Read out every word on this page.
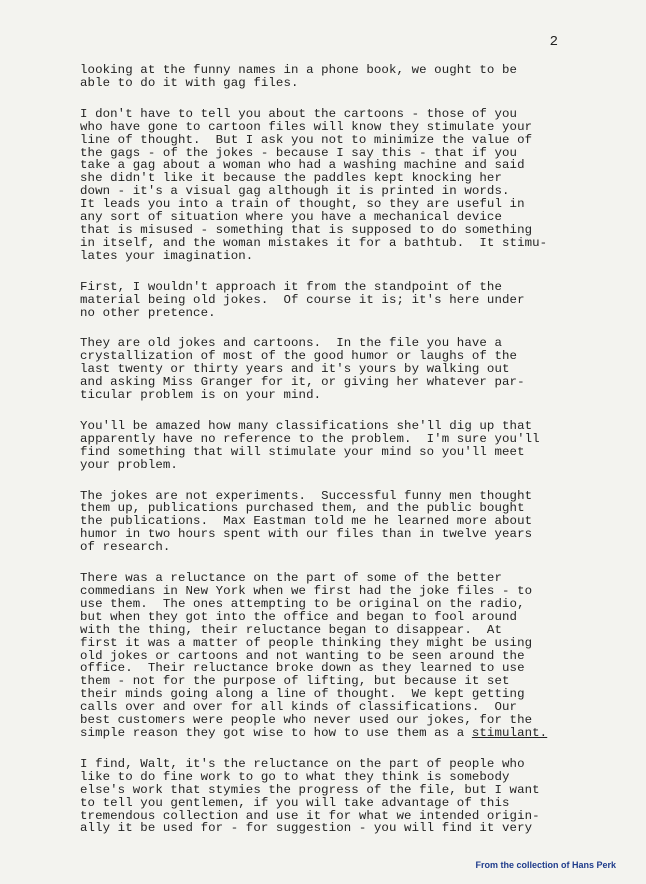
2
looking at the funny names in a phone book, we ought to be
able to do it with gag files.
I don't have to tell you about the cartoons - those of you
who have gone to cartoon files will know they stimulate your
line of thought.  But I ask you not to minimize the value of
the gags - of the jokes - because I say this - that if you
take a gag about a woman who had a washing machine and said
she didn't like it because the paddles kept knocking her
down - it's a visual gag although it is printed in words.
It leads you into a train of thought, so they are useful in
any sort of situation where you have a mechanical device
that is misused - something that is supposed to do something
in itself, and the woman mistakes it for a bathtub.  It stimu-
lates your imagination.
First, I wouldn't approach it from the standpoint of the
material being old jokes.  Of course it is; it's here under
no other pretence.
They are old jokes and cartoons.  In the file you have a
crystallization of most of the good humor or laughs of the
last twenty or thirty years and it's yours by walking out
and asking Miss Granger for it, or giving her whatever par-
ticular problem is on your mind.
You'll be amazed how many classifications she'll dig up that
apparently have no reference to the problem.  I'm sure you'll
find something that will stimulate your mind so you'll meet
your problem.
The jokes are not experiments.  Successful funny men thought
them up, publications purchased them, and the public bought
the publications.  Max Eastman told me he learned more about
humor in two hours spent with our files than in twelve years
of research.
There was a reluctance on the part of some of the better
commedians in New York when we first had the joke files - to
use them.  The ones attempting to be original on the radio,
but when they got into the office and began to fool around
with the thing, their reluctance began to disappear.  At
first it was a matter of people thinking they might be using
old jokes or cartoons and not wanting to be seen around the
office.  Their reluctance broke down as they learned to use
them - not for the purpose of lifting, but because it set
their minds going along a line of thought.  We kept getting
calls over and over for all kinds of classifications.  Our
best customers were people who never used our jokes, for the
simple reason they got wise to how to use them as a stimulant.
I find, Walt, it's the reluctance on the part of people who
like to do fine work to go to what they think is somebody
else's work that stymies the progress of the file, but I want
to tell you gentlemen, if you will take advantage of this
tremendous collection and use it for what we intended origin-
ally it be used for - for suggestion - you will find it very
From the collection of Hans Perk
